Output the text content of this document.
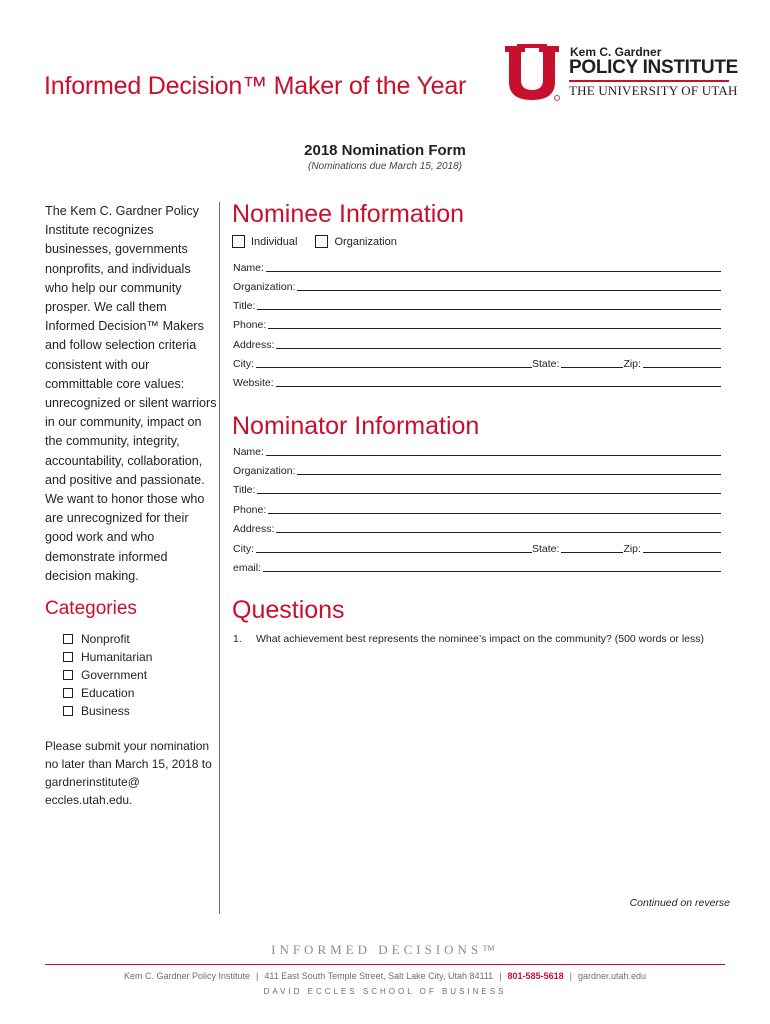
Informed Decision™ Maker of the Year
Kem C. Gardner
POLICY INSTITUTE
THE UNIVERSITY OF UTAH
2018 Nomination Form
(Nominations due March 15, 2018)
The Kem C. Gardner Policy Institute recognizes businesses, governments nonprofits, and individuals who help our community prosper. We call them Informed Decision™ Makers and follow selection criteria consistent with our committable core values: unrecognized or silent warriors in our community, impact on the community, integrity, accountability, collaboration, and positive and passionate. We want to honor those who are unrecognized for their good work and who demonstrate informed decision making.
Categories
Nonprofit
Humanitarian
Government
Education
Business
Please submit your nomination no later than March 15, 2018 to gardnerinstitute@ eccles.utah.edu.
Nominee Information
Individual	Organization
Name:
Organization:
Title:
Phone:
Address:
City:	State:	Zip:
Website:
Nominator Information
Name:
Organization:
Title:
Phone:
Address:
City:	State:	Zip:
email:
Questions
1. What achievement best represents the nominee’s impact on the community? (500 words or less)
Continued on reverse
INFORMED DECISIONS™
Kem C. Gardner Policy Institute | 411 East South Temple Street, Salt Lake City, Utah 84111 | 801-585-5618 | gardner.utah.edu
DAVID ECCLES SCHOOL OF BUSINESS
